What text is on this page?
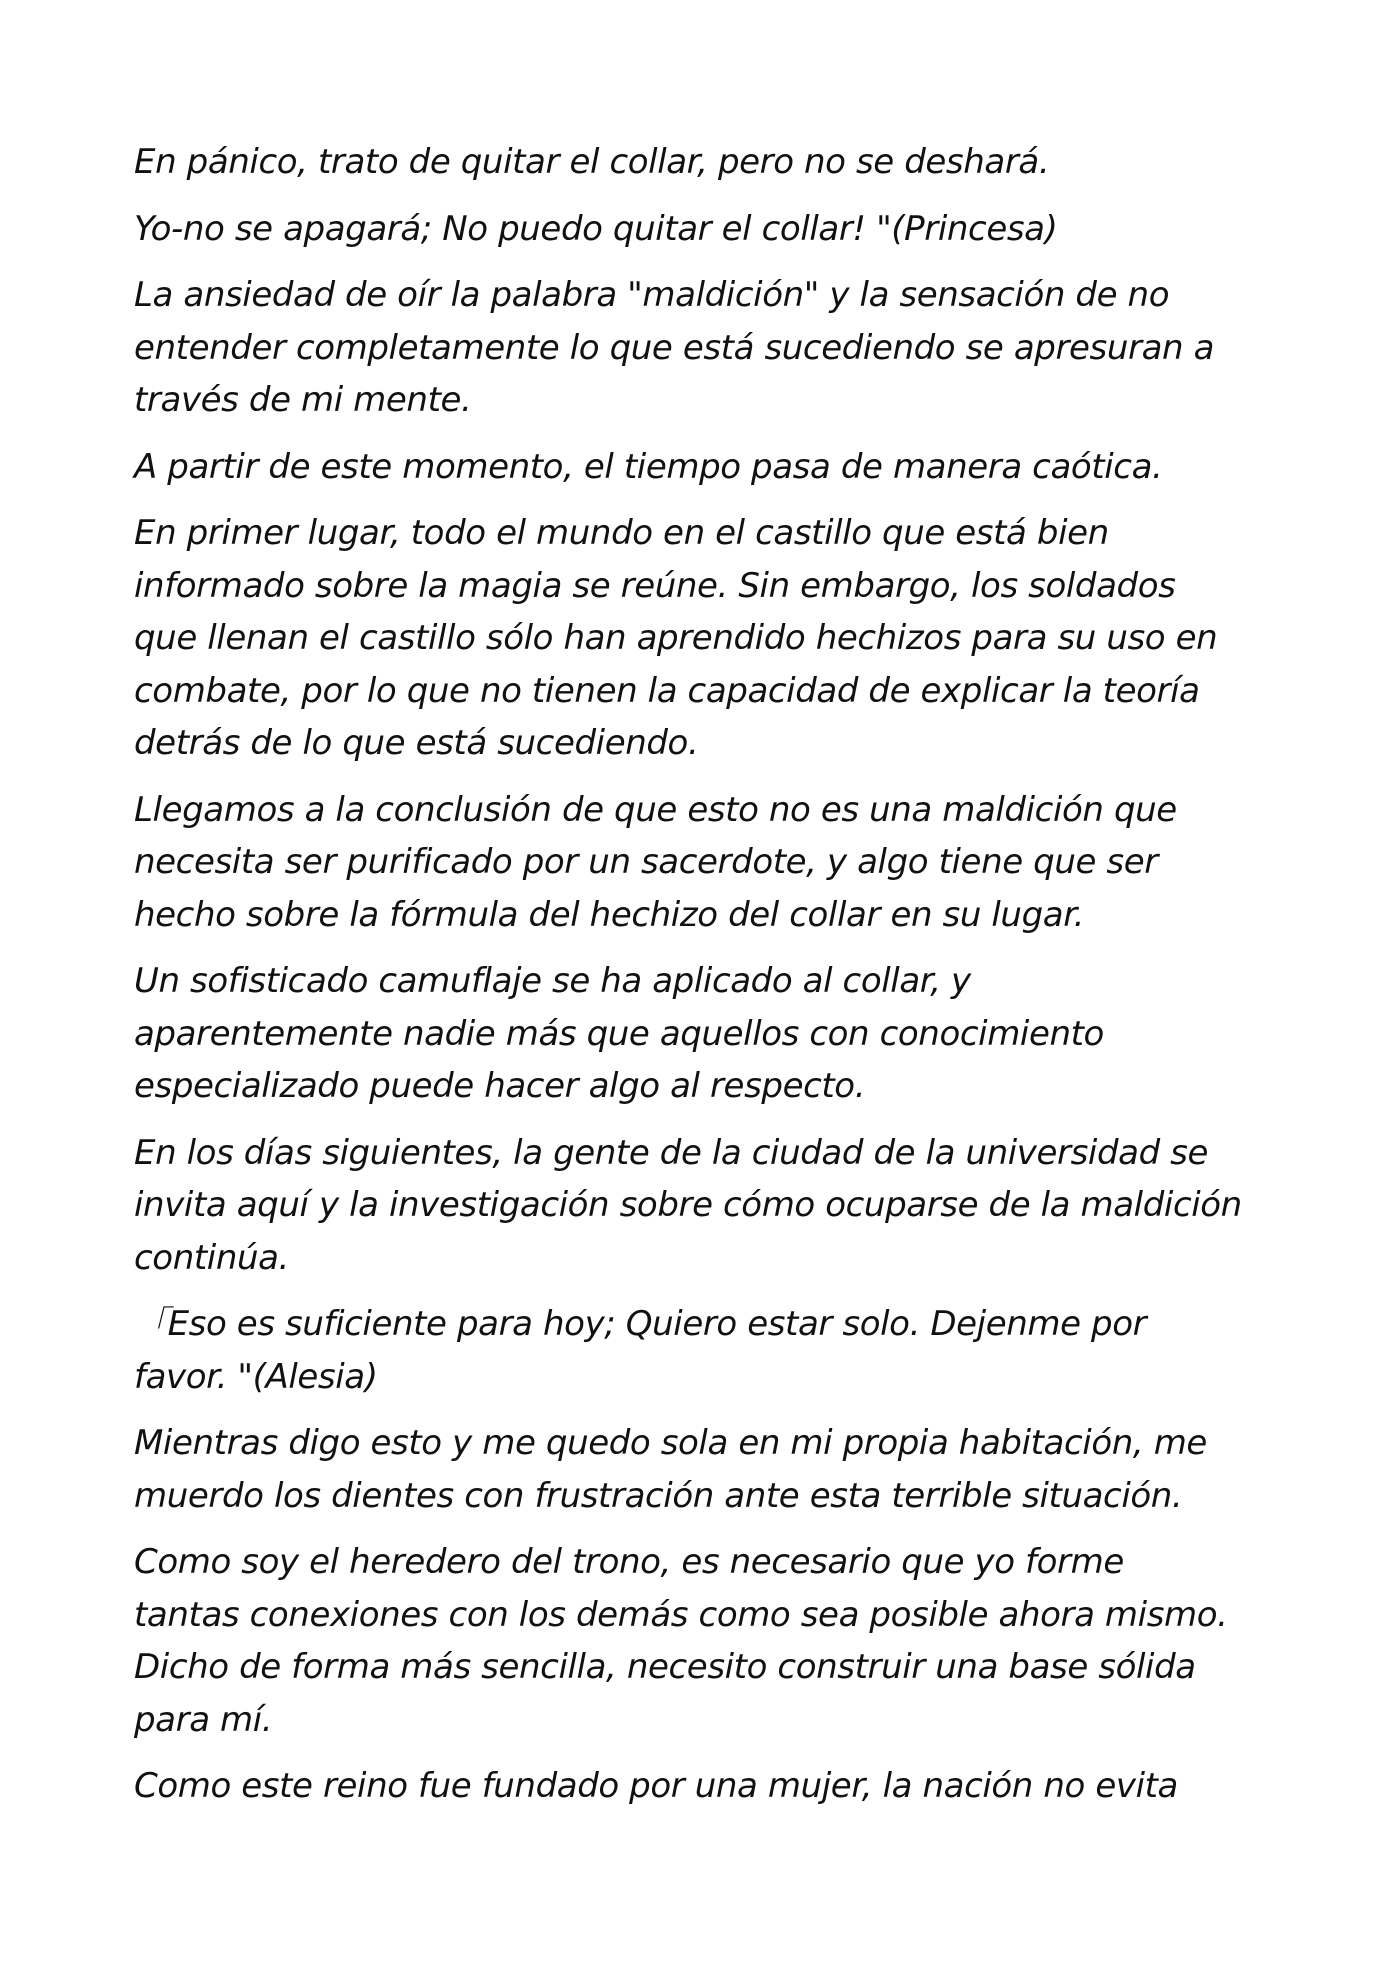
En pánico, trato de quitar el collar, pero no se deshará.

Yo-no se apagará; No puedo quitar el collar! "(Princesa)

La ansiedad de oír la palabra "maldición" y la sensación de no
entender completamente lo que está sucediendo se apresuran a
través de mi mente.

A partir de este momento, el tiempo pasa de manera caótica.

En primer lugar, todo el mundo en el castillo que está bien
informado sobre la magia se reúne. Sin embargo, los soldados
que llenan el castillo sólo han aprendido hechizos para su uso en
combate, por lo que no tienen la capacidad de explicar la teoría
detrás de lo que está sucediendo.

Llegamos a la conclusión de que esto no es una maldición que
necesita ser purificado por un sacerdote, y algo tiene que ser
hecho sobre la fórmula del hechizo del collar en su lugar.

Un sofisticado camuflaje se ha aplicado al collar, y
aparentemente nadie más que aquellos con conocimiento
especializado puede hacer algo al respecto.

En los días siguientes, la gente de la ciudad de la universidad se
invita aquí y la investigación sobre cómo ocuparse de la maldición
continúa.

「Eso es suficiente para hoy; Quiero estar solo. Dejenme por
favor. "(Alesia)

Mientras digo esto y me quedo sola en mi propia habitación, me
muerdo los dientes con frustración ante esta terrible situación.

Como soy el heredero del trono, es necesario que yo forme
tantas conexiones con los demás como sea posible ahora mismo.
Dicho de forma más sencilla, necesito construir una base sólida
para mí.

Como este reino fue fundado por una mujer, la nación no evita
